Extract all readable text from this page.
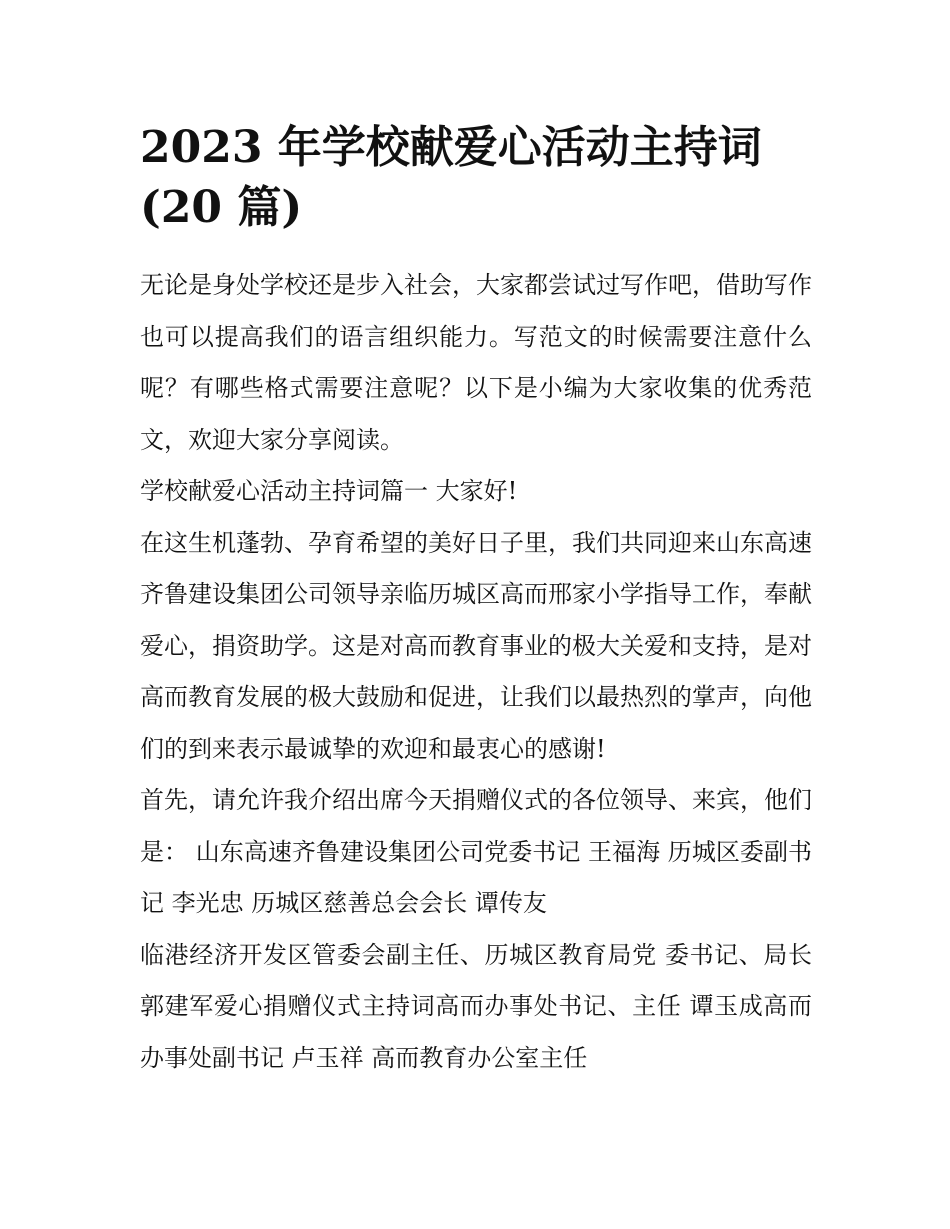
2023 年学校献爱心活动主持词
(20 篇)

无论是身处学校还是步入社会，大家都尝试过写作吧，借助写作也可以提高我们的语言组织能力。写范文的时候需要注意什么呢？有哪些格式需要注意呢？以下是小编为大家收集的优秀范文，欢迎大家分享阅读。

学校献爱心活动主持词篇一 大家好!

在这生机蓬勃、孕育希望的美好日子里，我们共同迎来山东高速齐鲁建设集团公司领导亲临历城区高而邢家小学指导工作，奉献爱心，捐资助学。这是对高而教育事业的极大关爱和支持，是对高而教育发展的极大鼓励和促进，让我们以最热烈的掌声，向他们的到来表示最诚挚的欢迎和最衷心的感谢!

首先，请允许我介绍出席今天捐赠仪式的各位领导、来宾，他们是： 山东高速齐鲁建设集团公司党委书记 王福海 历城区委副书记 李光忠 历城区慈善总会会长 谭传友

临港经济开发区管委会副主任、历城区教育局党 委书记、局长 郭建军爱心捐赠仪式主持词高而办事处书记、主任 谭玉成高而办事处副书记 卢玉祥 高而教育办公室主任
